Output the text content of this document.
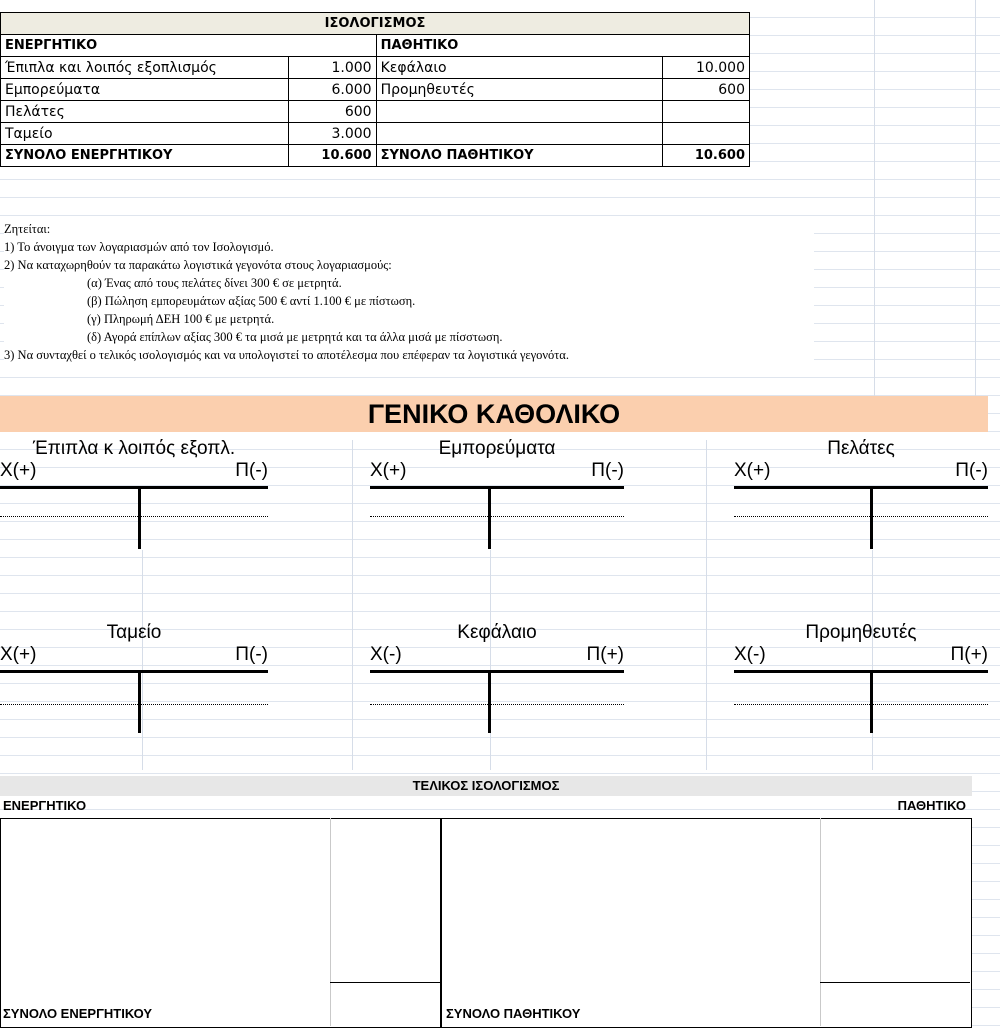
ΙΣΟΛΟΓΙΣΜΟΣ			
ΕΝΕΡΓΗΤΙΚΟ		ΠΑΘΗΤΙΚΟ	
Έπιπλα και λοιπός εξοπλισμός	1.000	Κεφάλαιο	10.000
Εμπορεύματα	6.000	Προμηθευτές	600
Πελάτες	600		
Ταμείο	3.000		
ΣΥΝΟΛΟ ΕΝΕΡΓΗΤΙΚΟΥ	10.600	ΣΥΝΟΛΟ ΠΑΘΗΤΙΚΟΥ	10.600
Ζητείται:
1) Το άνοιγμα των λογαριασμών από τον Ισολογισμό.
2) Να καταχωρηθούν τα παρακάτω λογιστικά γεγονότα στους λογαριασμούς:
(α) Ένας από τους πελάτες δίνει 300 € σε μετρητά.
(β) Πώληση εμπορευμάτων αξίας 500 € αντί 1.100 € με πίστωση.
(γ) Πληρωμή ΔΕΗ 100 € με μετρητά.
(δ) Αγορά επίπλων αξίας 300 € τα μισά με μετρητά και τα άλλα μισά με πίσστωση.
3) Να συνταχθεί ο τελικός ισολογισμός και να υπολογιστεί το αποτέλεσμα που επέφεραν τα λογιστικά γεγονότα.
ΓΕΝΙΚΟ ΚΑΘΟΛΙΚΟ
Έπιπλα κ λοιπός εξοπλ.
Χ(+)	Π(-)
Εμπορεύματα
Χ(+)	Π(-)
Πελάτες
Χ(+)	Π(-)
Ταμείο
Χ(+)	Π(-)
Κεφάλαιο
Χ(-)	Π(+)
Προμηθευτές
Χ(-)	Π(+)
ΤΕΛΙΚΟΣ ΙΣΟΛΟΓΙΣΜΟΣ
ΕΝΕΡΓΗΤΙΚΟ	ΠΑΘΗΤΙΚΟ
ΣΥΝΟΛΟ ΕΝΕΡΓΗΤΙΚΟΥ	ΣΥΝΟΛΟ ΠΑΘΗΤΙΚΟΥ
